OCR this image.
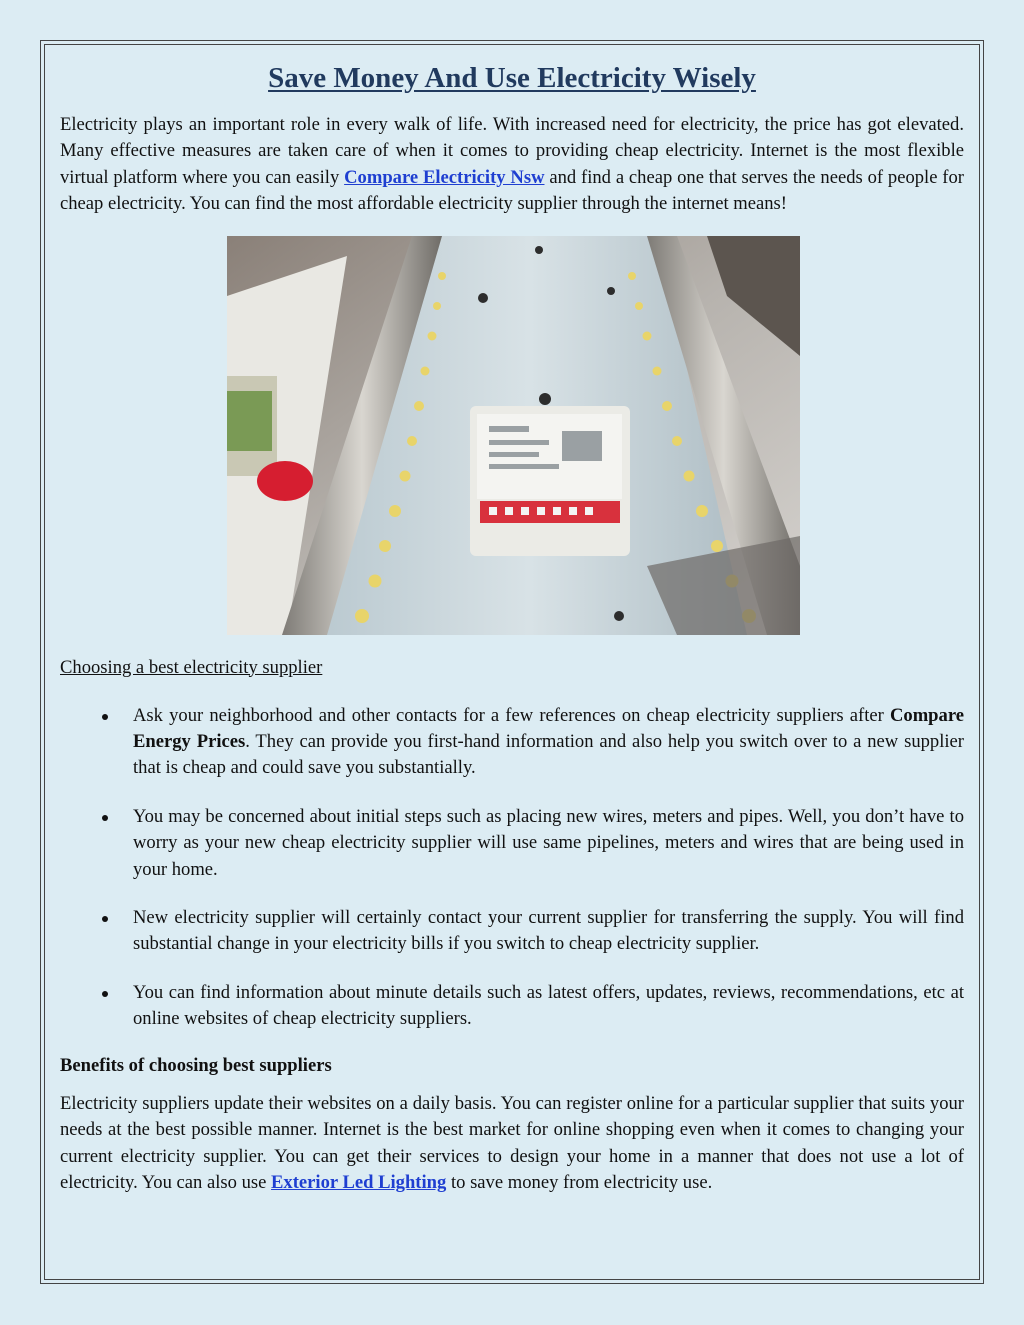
Save Money And Use Electricity Wisely

Electricity plays an important role in every walk of life. With increased need for electricity, the price has got elevated. Many effective measures are taken care of when it comes to providing cheap electricity. Internet is the most flexible virtual platform where you can easily Compare Electricity Nsw and find a cheap one that serves the needs of people for cheap electricity. You can find the most affordable electricity supplier through the internet means!

Choosing a best electricity supplier
Ask your neighborhood and other contacts for a few references on cheap electricity suppliers after Compare Energy Prices. They can provide you first-hand information and also help you switch over to a new supplier that is cheap and could save you substantially.
You may be concerned about initial steps such as placing new wires, meters and pipes. Well, you don’t have to worry as your new cheap electricity supplier will use same pipelines, meters and wires that are being used in your home.
New electricity supplier will certainly contact your current supplier for transferring the supply. You will find substantial change in your electricity bills if you switch to cheap electricity supplier.
You can find information about minute details such as latest offers, updates, reviews, recommendations, etc at online websites of cheap electricity suppliers.
Benefits of choosing best suppliers

Electricity suppliers update their websites on a daily basis. You can register online for a particular supplier that suits your needs at the best possible manner. Internet is the best market for online shopping even when it comes to changing your current electricity supplier. You can get their services to design your home in a manner that does not use a lot of electricity. You can also use Exterior Led Lighting to save money from electricity use.
